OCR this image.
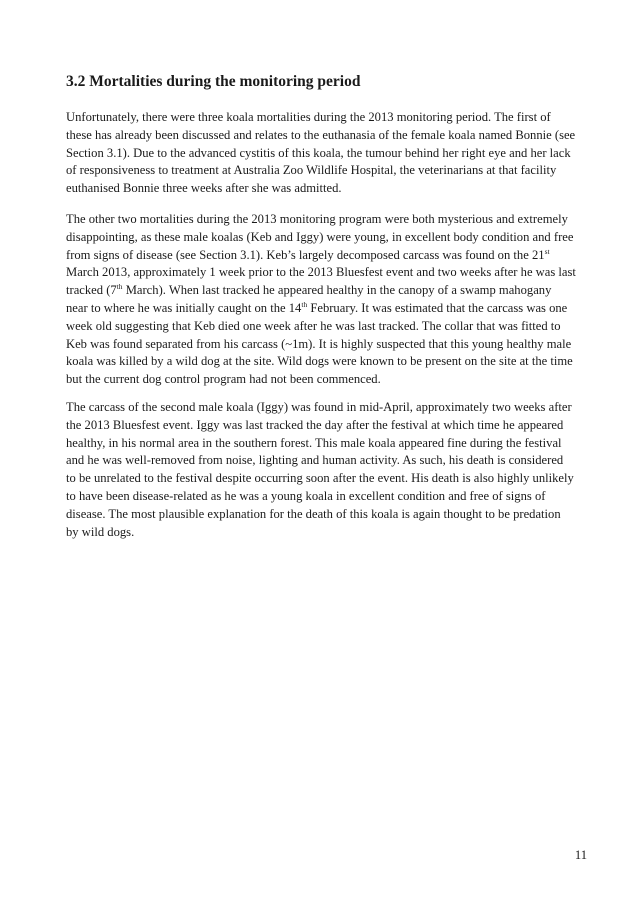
3.2 Mortalities during the monitoring period

Unfortunately, there were three koala mortalities during the 2013 monitoring period. The first of
these has already been discussed and relates to the euthanasia of the female koala named Bonnie (see
Section 3.1). Due to the advanced cystitis of this koala, the tumour behind her right eye and her lack
of responsiveness to treatment at Australia Zoo Wildlife Hospital, the veterinarians at that facility
euthanised Bonnie three weeks after she was admitted.

The other two mortalities during the 2013 monitoring program were both mysterious and extremely
disappointing, as these male koalas (Keb and Iggy) were young, in excellent body condition and free
from signs of disease (see Section 3.1). Keb’s largely decomposed carcass was found on the 21st
March 2013, approximately 1 week prior to the 2013 Bluesfest event and two weeks after he was last
tracked (7th March). When last tracked he appeared healthy in the canopy of a swamp mahogany
near to where he was initially caught on the 14th February. It was estimated that the carcass was one
week old suggesting that Keb died one week after he was last tracked. The collar that was fitted to
Keb was found separated from his carcass (~1m). It is highly suspected that this young healthy male
koala was killed by a wild dog at the site. Wild dogs were known to be present on the site at the time
but the current dog control program had not been commenced.

The carcass of the second male koala (Iggy) was found in mid-April, approximately two weeks after
the 2013 Bluesfest event. Iggy was last tracked the day after the festival at which time he appeared
healthy, in his normal area in the southern forest. This male koala appeared fine during the festival
and he was well-removed from noise, lighting and human activity. As such, his death is considered
to be unrelated to the festival despite occurring soon after the event. His death is also highly unlikely
to have been disease-related as he was a young koala in excellent condition and free of signs of
disease. The most plausible explanation for the death of this koala is again thought to be predation
by wild dogs.

11
